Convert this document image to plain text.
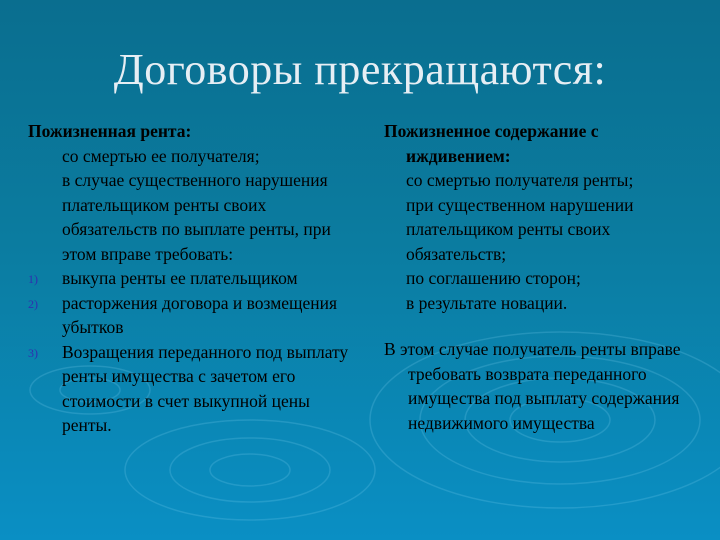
Договоры прекращаются:
Пожизненная рента:
со смертью ее получателя;
в случае существенного нарушения плательщиком ренты своих обязательств по выплате ренты, при этом вправе требовать:
1)	выкупа ренты ее плательщиком
2)	расторжения договора и возмещения убытков
3)	Возращения переданного под выплату ренты имущества с зачетом его стоимости в счет выкупной цены ренты.
Пожизненное содержание с иждивением:
со смертью получателя ренты;
при существенном нарушении плательщиком ренты своих обязательств;
по соглашению сторон;
в результате новации.
В этом случае получатель ренты вправе требовать возврата переданного имущества под выплату содержания недвижимого имущества
